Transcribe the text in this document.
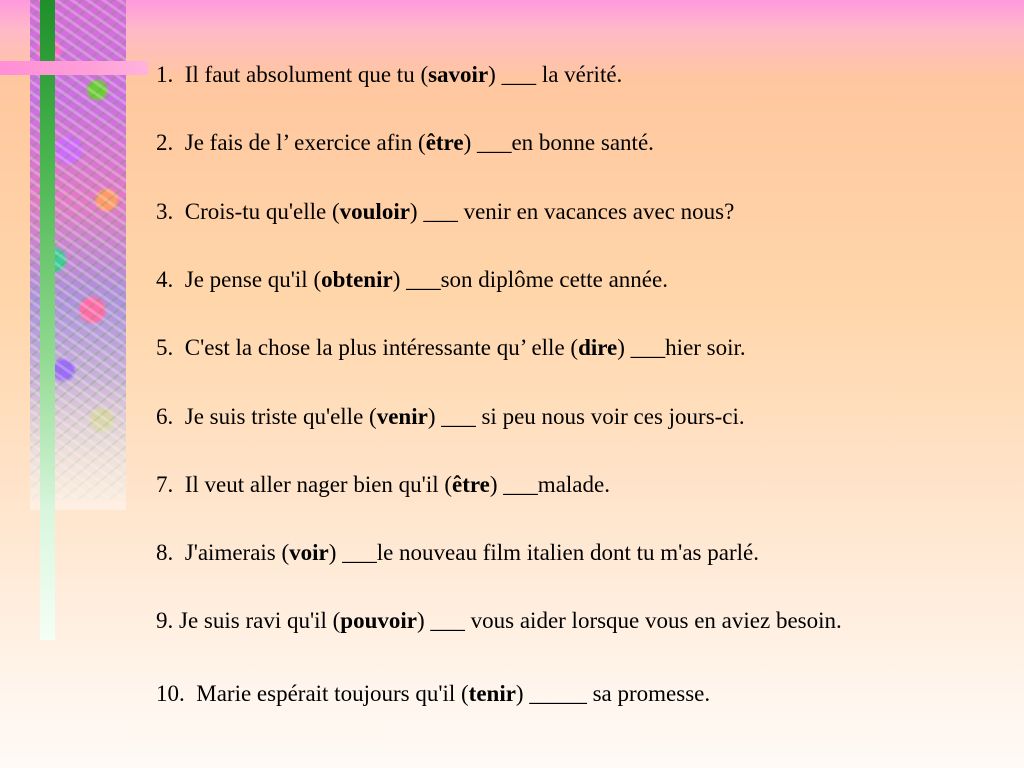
1. Il faut absolument que tu (savoir) ___ la vérité.
2. Je fais de l’ exercice afin (être) ___en bonne santé.
3. Crois-tu qu'elle (vouloir) ___ venir en vacances avec nous?
4. Je pense qu'il (obtenir) ___son diplôme cette année.
5. C'est la chose la plus intéressante qu’ elle (dire) ___hier soir.
6. Je suis triste qu'elle (venir) ___ si peu nous voir ces jours-ci.
7. Il veut aller nager bien qu'il (être) ___malade.
8. J'aimerais (voir) ___le nouveau film italien dont tu m'as parlé.
9. Je suis ravi qu'il (pouvoir) ___ vous aider lorsque vous en aviez besoin.
10. Marie espérait toujours qu'il (tenir) _____ sa promesse.
